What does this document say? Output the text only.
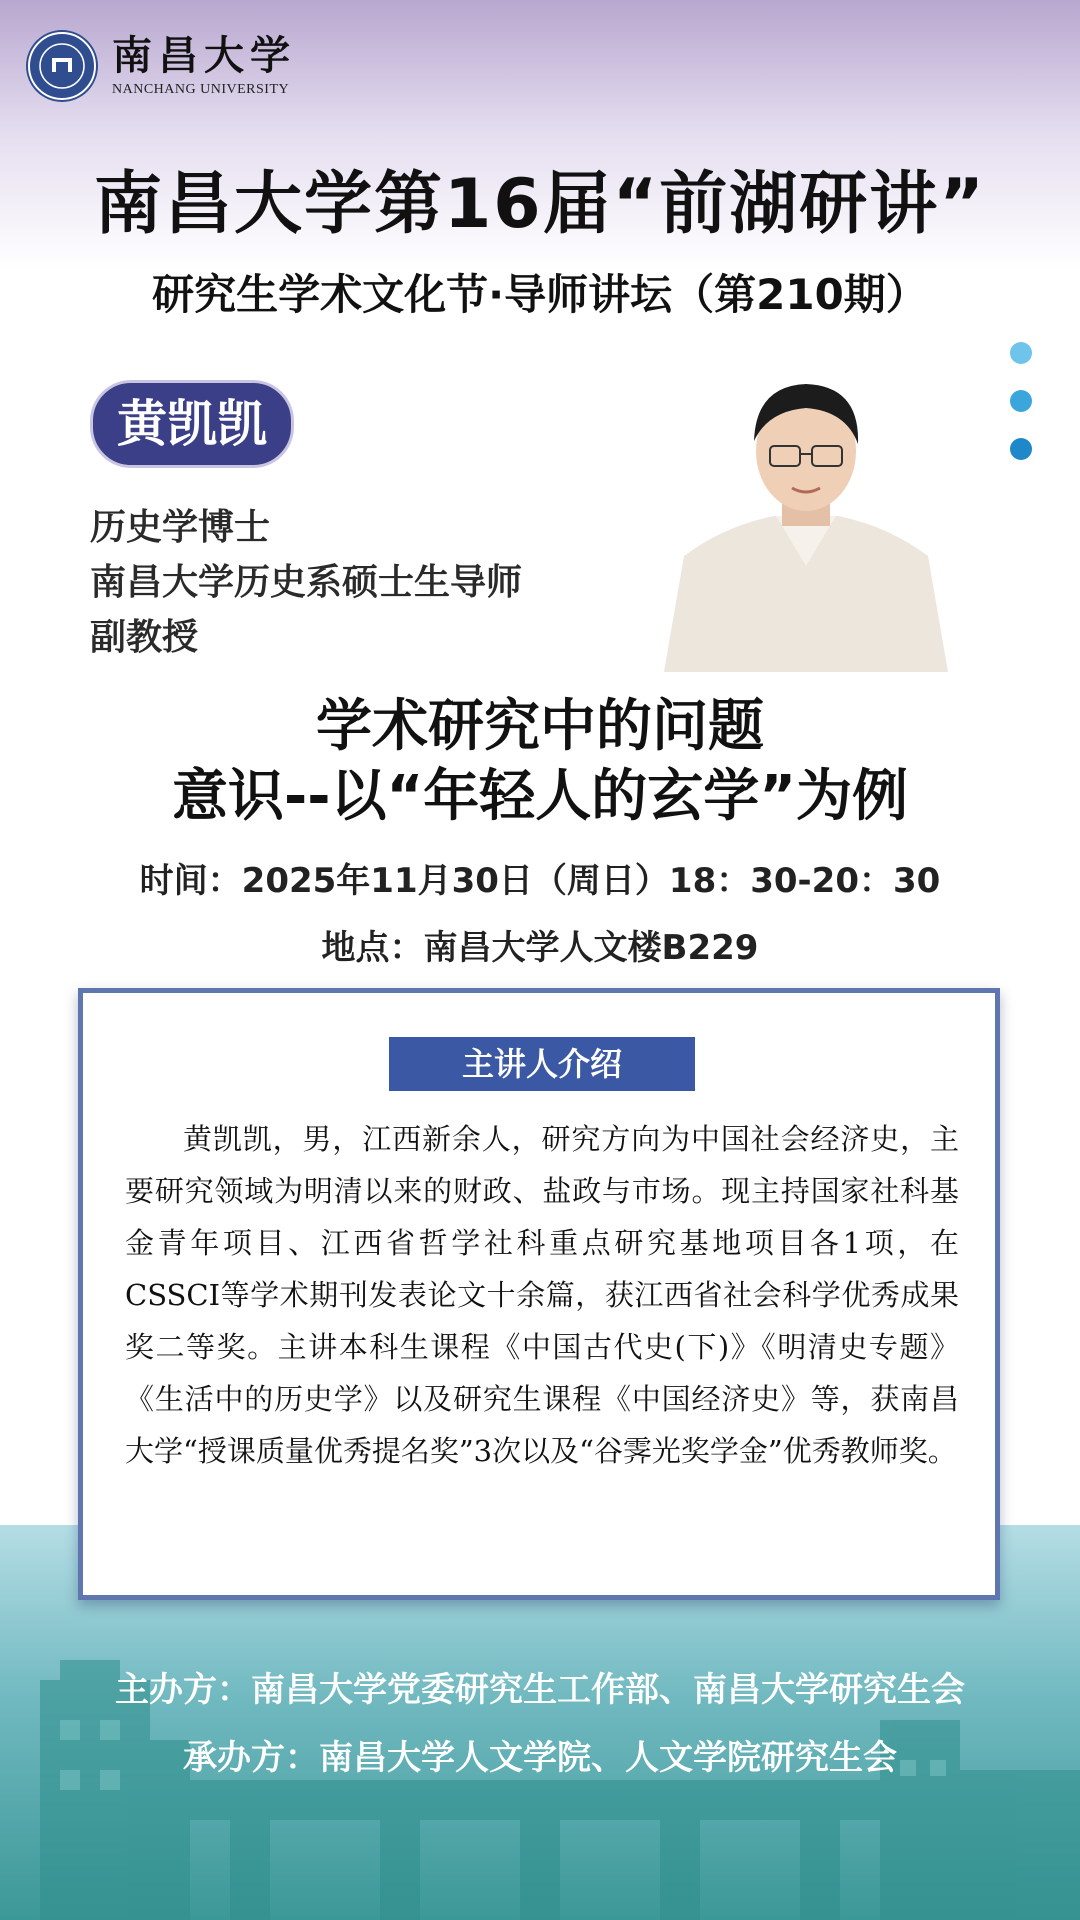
南昌大学
NANCHANG UNIVERSITY
南昌大学第16届“前湖研讲”
研究生学术文化节·导师讲坛（第210期）
黄凯凯
历史学博士
南昌大学历史系硕士生导师
副教授
学术研究中的问题
意识--以“年轻人的玄学”为例
时间：2025年11月30日（周日）18：30-20：30
地点：南昌大学人文楼B229
主讲人介绍
黄凯凯，男，江西新余人，研究方向为中国社会经济史，主要研究领域为明清以来的财政、盐政与市场。现主持国家社科基金青年项目、江西省哲学社科重点研究基地项目各1项，在CSSCI等学术期刊发表论文十余篇，获江西省社会科学优秀成果奖二等奖。主讲本科生课程《中国古代史(下)》《明清史专题》《生活中的历史学》以及研究生课程《中国经济史》等，获南昌大学“授课质量优秀提名奖”3次以及“谷霁光奖学金”优秀教师奖。
主办方：南昌大学党委研究生工作部、南昌大学研究生会
承办方：南昌大学人文学院、人文学院研究生会
